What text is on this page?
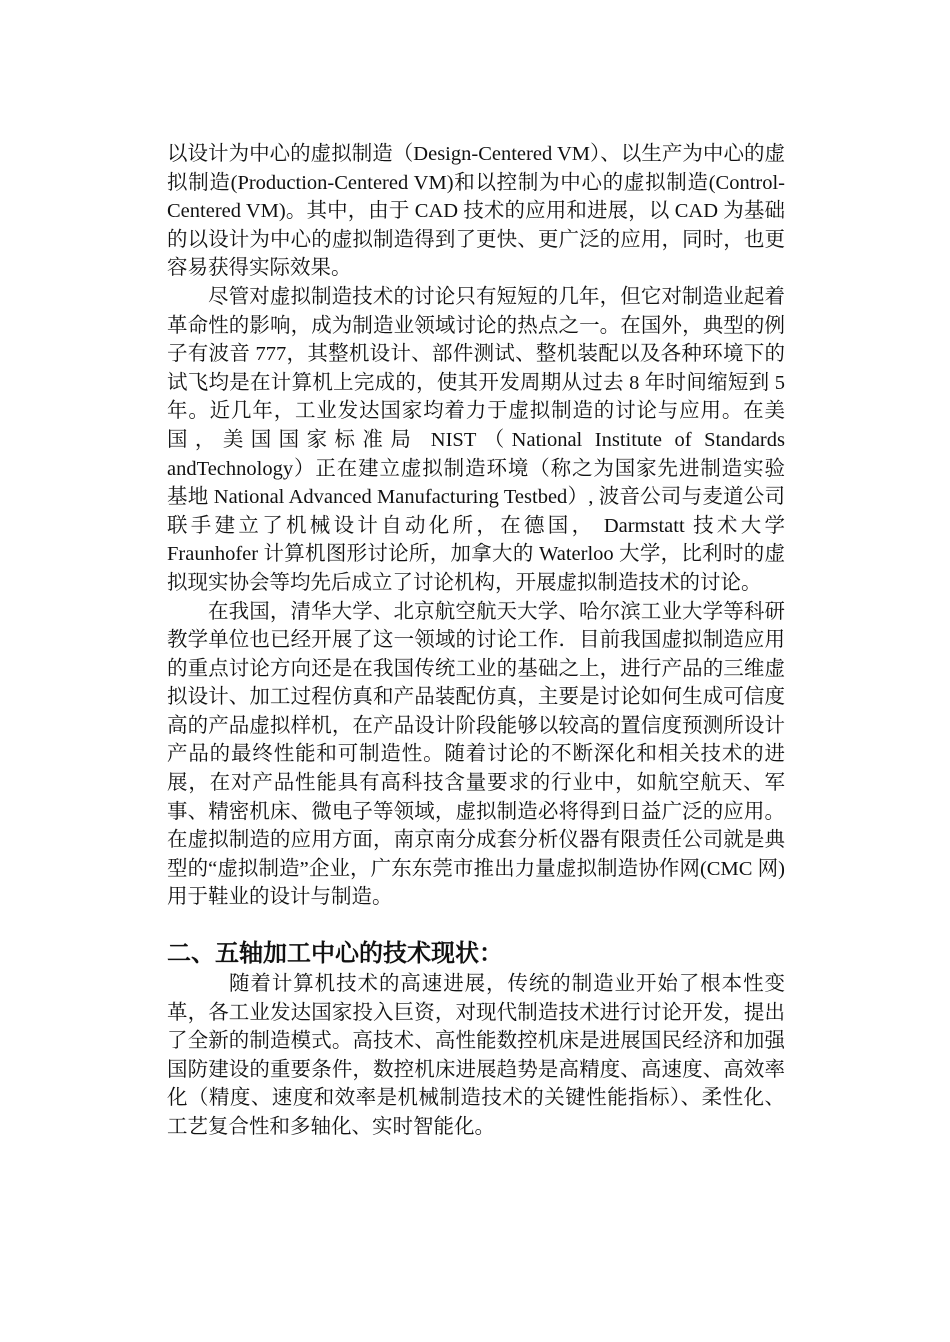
以设计为中心的虚拟制造（Design-Centered VM）、以生产为中心的虚拟制造(Production-Centered VM)和以控制为中心的虚拟制造(Control-Centered VM)。其中，由于 CAD 技术的应用和进展，以 CAD 为基础的以设计为中心的虚拟制造得到了更快、更广泛的应用，同时，也更容易获得实际效果。

尽管对虚拟制造技术的讨论只有短短的几年，但它对制造业起着革命性的影响，成为制造业领域讨论的热点之一。在国外，典型的例子有波音 777，其整机设计、部件测试、整机装配以及各种环境下的试飞均是在计算机上完成的，使其开发周期从过去 8 年时间缩短到 5 年。近几年，工业发达国家均着力于虚拟制造的讨论与应用。在美国，美国国家标准局 NIST（National Institute of Standards andTechnology）正在建立虚拟制造环境（称之为国家先进制造实验基地 National Advanced Manufacturing Testbed）, 波音公司与麦道公司联手建立了机械设计自动化所，在德国， Darmstatt 技术大学 Fraunhofer 计算机图形讨论所，加拿大的 Waterloo 大学，比利时的虚拟现实协会等均先后成立了讨论机构，开展虚拟制造技术的讨论。

在我国，清华大学、北京航空航天大学、哈尔滨工业大学等科研教学单位也已经开展了这一领域的讨论工作．目前我国虚拟制造应用的重点讨论方向还是在我国传统工业的基础之上，进行产品的三维虚拟设计、加工过程仿真和产品装配仿真，主要是讨论如何生成可信度高的产品虚拟样机，在产品设计阶段能够以较高的置信度预测所设计产品的最终性能和可制造性。随着讨论的不断深化和相关技术的进展，在对产品性能具有高科技含量要求的行业中，如航空航天、军事、精密机床、微电子等领域，虚拟制造必将得到日益广泛的应用。在虚拟制造的应用方面，南京南分成套分析仪器有限责任公司就是典型的“虚拟制造”企业，广东东莞市推出力量虚拟制造协作网(CMC 网)用于鞋业的设计与制造。

二、五轴加工中心的技术现状：

随着计算机技术的高速进展，传统的制造业开始了根本性变革，各工业发达国家投入巨资，对现代制造技术进行讨论开发，提出了全新的制造模式。高技术、高性能数控机床是进展国民经济和加强国防建设的重要条件，数控机床进展趋势是高精度、高速度、高效率化（精度、速度和效率是机械制造技术的关键性能指标）、柔性化、工艺复合性和多轴化、实时智能化。
